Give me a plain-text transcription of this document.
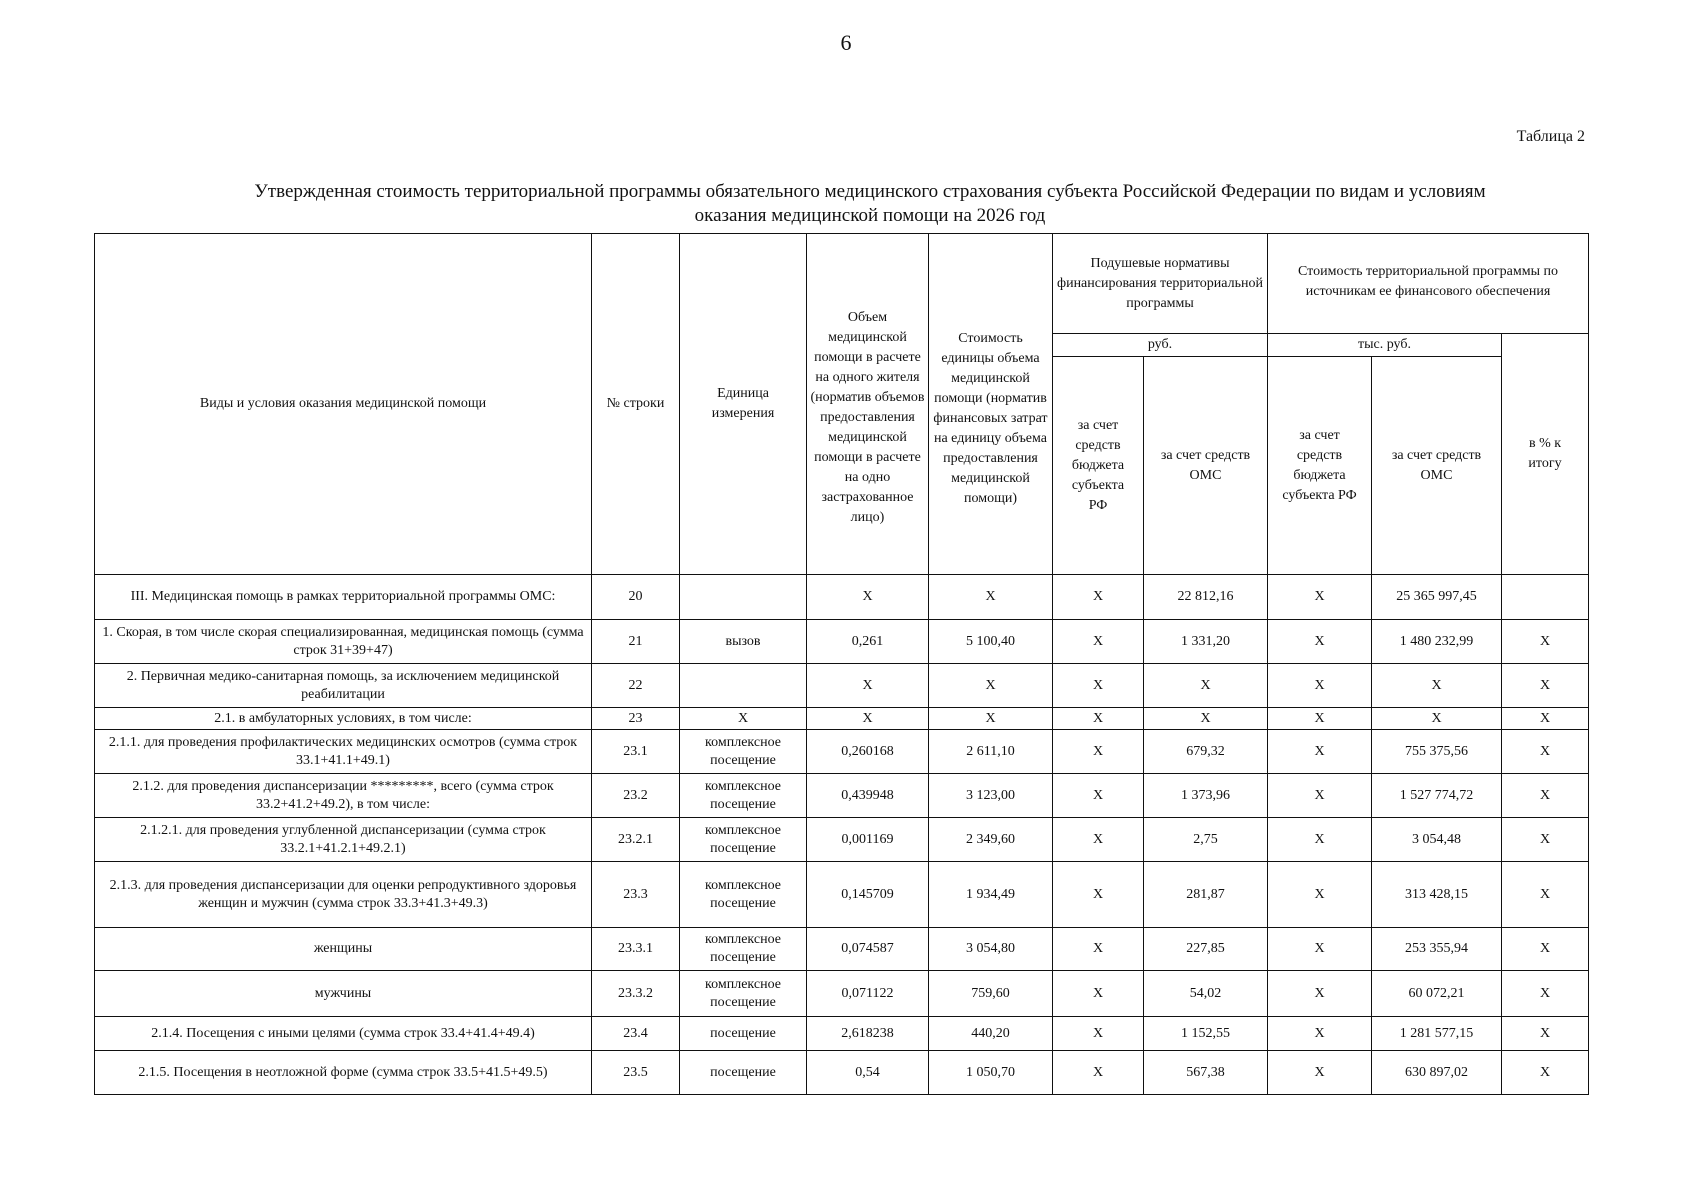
6
Таблица 2
Утвержденная стоимость территориальной программы обязательного медицинского страхования субъекта Российской Федерации по видам и условиям
оказания медицинской помощи на 2026 год
Виды и условия оказания медицинской помощи	№ строки	Единица измерения	Объем медицинской помощи в расчете на одного жителя (норматив объемов предоставления медицинской помощи в расчете на одно застрахованное лицо)	Стоимость единицы объема медицинской помощи (норматив финансовых затрат на единицу объема предоставления медицинской помощи)	Подушевые нормативы финансирования территориальной программы		Стоимость территориальной программы по источникам ее финансового обеспечения		
					руб.		тыс. руб.		в % к итогу
					за счет средств бюджета субъекта РФ	за счет средств ОМС	за счет средств бюджета субъекта РФ	за счет средств ОМС	
III. Медицинская помощь в рамках территориальной программы ОМС:	20		X	X	X	22 812,16	X	25 365 997,45	
1. Скорая, в том числе скорая специализированная, медицинская помощь (сумма строк 31+39+47)	21	вызов	0,261	5 100,40	X	1 331,20	X	1 480 232,99	X
2. Первичная медико-санитарная помощь, за исключением медицинской реабилитации	22		X	X	X	X	X	X	X
2.1. в амбулаторных условиях, в том числе:	23	X	X	X	X	X	X	X	X
2.1.1. для проведения профилактических медицинских осмотров (сумма строк 33.1+41.1+49.1)	23.1	комплексное посещение	0,260168	2 611,10	X	679,32	X	755 375,56	X
2.1.2. для проведения диспансеризации *********, всего (сумма строк 33.2+41.2+49.2), в том числе:	23.2	комплексное посещение	0,439948	3 123,00	X	1 373,96	X	1 527 774,72	X
2.1.2.1. для проведения углубленной диспансеризации (сумма строк 33.2.1+41.2.1+49.2.1)	23.2.1	комплексное посещение	0,001169	2 349,60	X	2,75	X	3 054,48	X
2.1.3. для проведения диспансеризации для оценки репродуктивного здоровья женщин и мужчин (сумма строк 33.3+41.3+49.3)	23.3	комплексное посещение	0,145709	1 934,49	X	281,87	X	313 428,15	X
женщины	23.3.1	комплексное посещение	0,074587	3 054,80	X	227,85	X	253 355,94	X
мужчины	23.3.2	комплексное посещение	0,071122	759,60	X	54,02	X	60 072,21	X
2.1.4. Посещения с иными целями (сумма строк 33.4+41.4+49.4)	23.4	посещение	2,618238	440,20	X	1 152,55	X	1 281 577,15	X
2.1.5. Посещения в неотложной форме (сумма строк 33.5+41.5+49.5)	23.5	посещение	0,54	1 050,70	X	567,38	X	630 897,02	X
